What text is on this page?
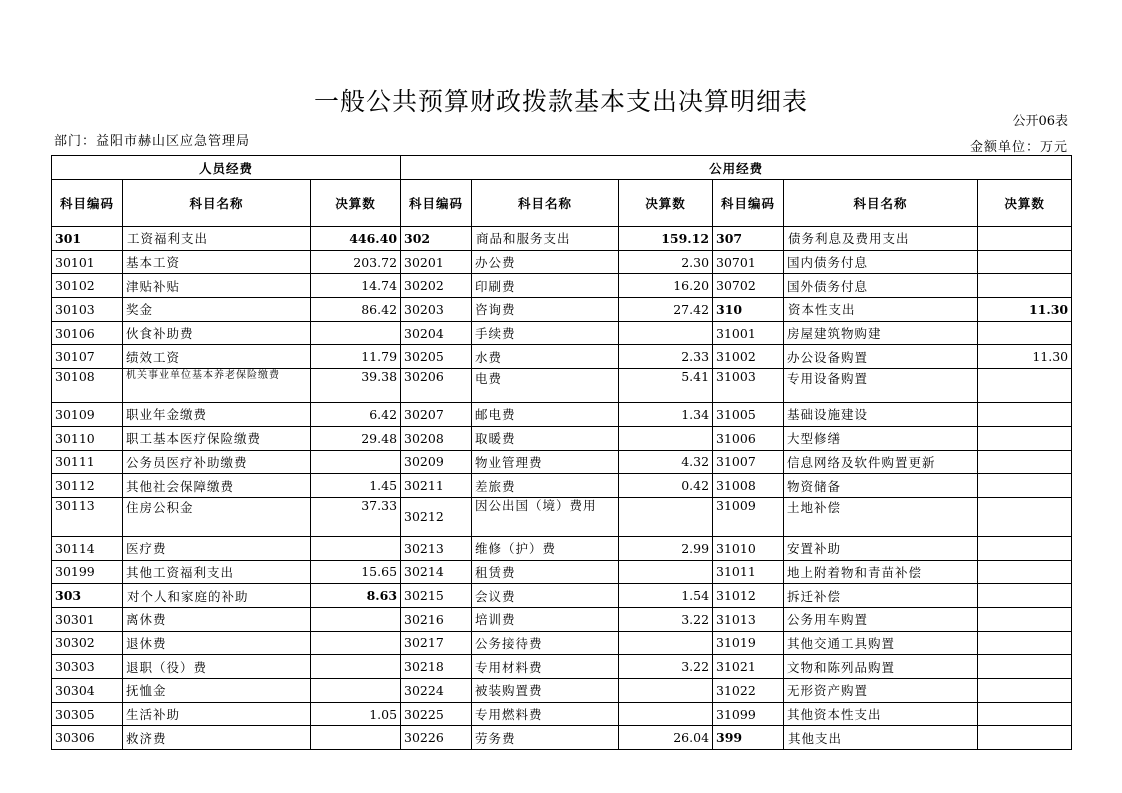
一般公共预算财政拨款基本支出决算明细表
公开06表
部门：益阳市赫山区应急管理局	金额单位：万元
人员经费			公用经费					
科目编码	科目名称	决算数	科目编码	科目名称	决算数	科目编码	科目名称	决算数
301	工资福利支出	446.40	302	商品和服务支出	159.12	307	债务利息及费用支出	
30101	基本工资	203.72	30201	办公费	2.30	30701	国内债务付息	
30102	津贴补贴	14.74	30202	印刷费	16.20	30702	国外债务付息	
30103	奖金	86.42	30203	咨询费	27.42	310	资本性支出	11.30
30106	伙食补助费		30204	手续费		31001	房屋建筑物购建	
30107	绩效工资	11.79	30205	水费	2.33	31002	办公设备购置	11.30
30108	机关事业单位基本养老保险缴费	39.38	30206	电费	5.41	31003	专用设备购置	
30109	职业年金缴费	6.42	30207	邮电费	1.34	31005	基础设施建设	
30110	职工基本医疗保险缴费	29.48	30208	取暖费		31006	大型修缮	
30111	公务员医疗补助缴费		30209	物业管理费	4.32	31007	信息网络及软件购置更新	
30112	其他社会保障缴费	1.45	30211	差旅费	0.42	31008	物资储备	
30113	住房公积金	37.33	30212	因公出国（境）费用		31009	土地补偿	
30114	医疗费		30213	维修（护）费	2.99	31010	安置补助	
30199	其他工资福利支出	15.65	30214	租赁费		31011	地上附着物和青苗补偿	
303	对个人和家庭的补助	8.63	30215	会议费	1.54	31012	拆迁补偿	
30301	离休费		30216	培训费	3.22	31013	公务用车购置	
30302	退休费		30217	公务接待费		31019	其他交通工具购置	
30303	退职（役）费		30218	专用材料费	3.22	31021	文物和陈列品购置	
30304	抚恤金		30224	被装购置费		31022	无形资产购置	
30305	生活补助	1.05	30225	专用燃料费		31099	其他资本性支出	
30306	救济费		30226	劳务费	26.04	399	其他支出	
